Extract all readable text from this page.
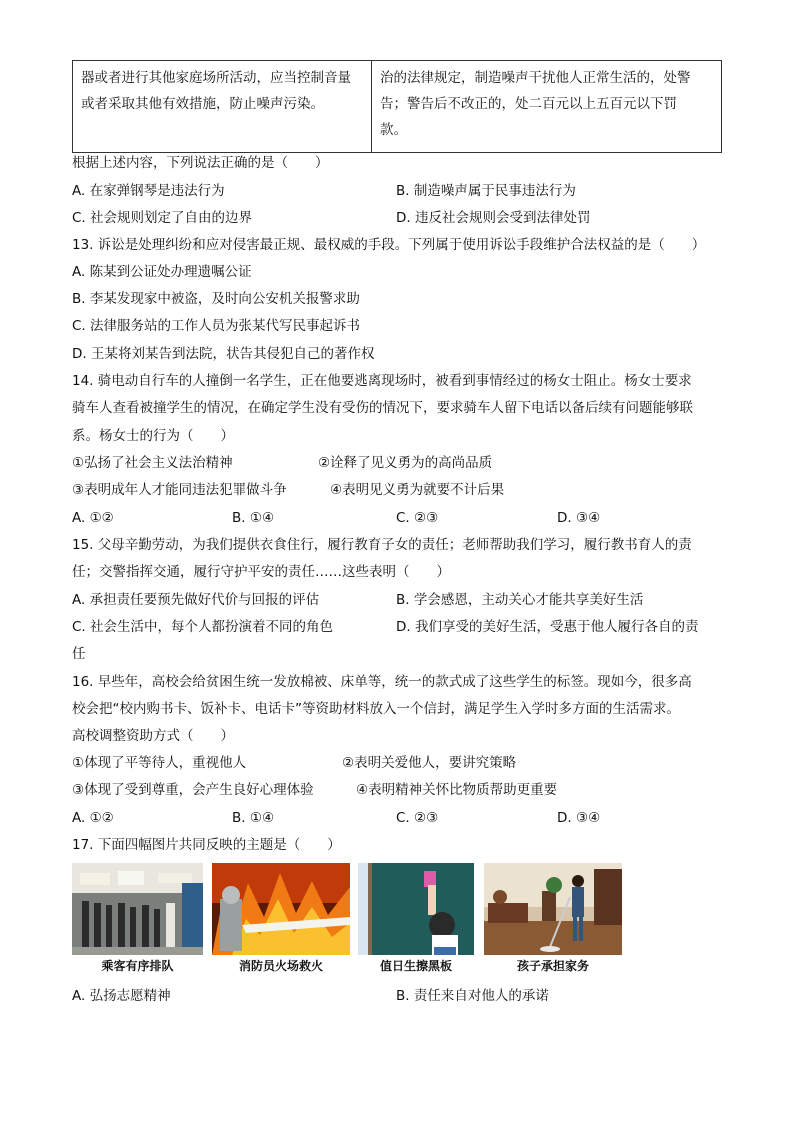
器或者进行其他家庭场所活动，应当控制音量
或者采取其他有效措施，防止噪声污染。	治的法律规定，制造噪声干扰他人正常生活的，处警
告；警告后不改正的，处二百元以上五百元以下罚
款。
根据上述内容，下列说法正确的是（　　）
A. 在家弹钢琴是违法行为	B. 制造噪声属于民事违法行为
C. 社会规则划定了自由的边界	D. 违反社会规则会受到法律处罚
13. 诉讼是处理纠纷和应对侵害最正规、最权威的手段。下列属于使用诉讼手段维护合法权益的是（　　）
A. 陈某到公证处办理遗嘱公证
B. 李某发现家中被盗，及时向公安机关报警求助
C. 法律服务站的工作人员为张某代写民事起诉书
D. 王某将刘某告到法院，状告其侵犯自己的著作权
14. 骑电动自行车的人撞倒一名学生，正在他要逃离现场时，被看到事情经过的杨女士阻止。杨女士要求
骑车人查看被撞学生的情况，在确定学生没有受伤的情况下，要求骑车人留下电话以备后续有问题能够联
系。杨女士的行为（　　）
①弘扬了社会主义法治精神	②诠释了见义勇为的高尚品质
③表明成年人才能同违法犯罪做斗争	④表明见义勇为就要不计后果
A. ①②	B. ①④	C. ②③	D. ③④
15. 父母辛勤劳动，为我们提供衣食住行，履行教育子女的责任；老师帮助我们学习，履行教书育人的责
任；交警指挥交通，履行守护平安的责任……这些表明（　　）
A. 承担责任要预先做好代价与回报的评估	B. 学会感恩，主动关心才能共享美好生活
C. 社会生活中，每个人都扮演着不同的角色	D. 我们享受的美好生活，受惠于他人履行各自的责
任
16. 早些年，高校会给贫困生统一发放棉被、床单等，统一的款式成了这些学生的标签。现如今，很多高
校会把“校内购书卡、饭补卡、电话卡”等资助材料放入一个信封，满足学生入学时多方面的生活需求。
高校调整资助方式（　　）
①体现了平等待人，重视他人	②表明关爱他人，要讲究策略
③体现了受到尊重，会产生良好心理体验	④表明精神关怀比物质帮助更重要
A. ①②	B. ①④	C. ②③	D. ③④
17. 下面四幅图片共同反映的主题是（　　）
乘客有序排队	消防员火场救火	值日生擦黑板	孩子承担家务
A. 弘扬志愿精神	B. 责任来自对他人的承诺
